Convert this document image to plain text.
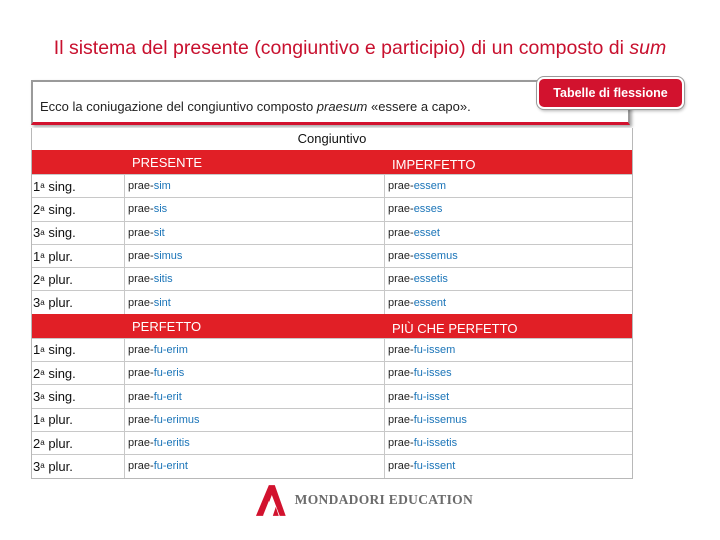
Il sistema del presente (congiuntivo e participio) di un composto di sum
Ecco la coniugazione del congiuntivo composto praesum «essere a capo».
Tabelle di flessione
Congiuntivo
PRESENTE	IMPERFETTO
1 a
sing.	prae- sim	prae- essem
2 a
sing.	prae- sis	prae- esses
3 a
sing.	prae- sit	prae- esset
1 a
plur.	prae- simus	prae- essemus
2 a
plur.	prae- sitis	prae- essetis
3 a
plur.	prae- sint	prae- essent
PERFETTO	PIÙ CHE PERFETTO
1 a
sing.	prae- fu-erim	prae- fu-issem
2 a
sing.	prae- fu-eris	prae- fu-isses
3 a
sing.	prae- fu-erit	prae- fu-isset
1 a
plur.	prae- fu-erimus	prae- fu-issemus
2 a
plur.	prae- fu-eritis	prae- fu-issetis
3 a
plur.	prae- fu-erint	prae- fu-issent
MONDADORI EDUCATION
